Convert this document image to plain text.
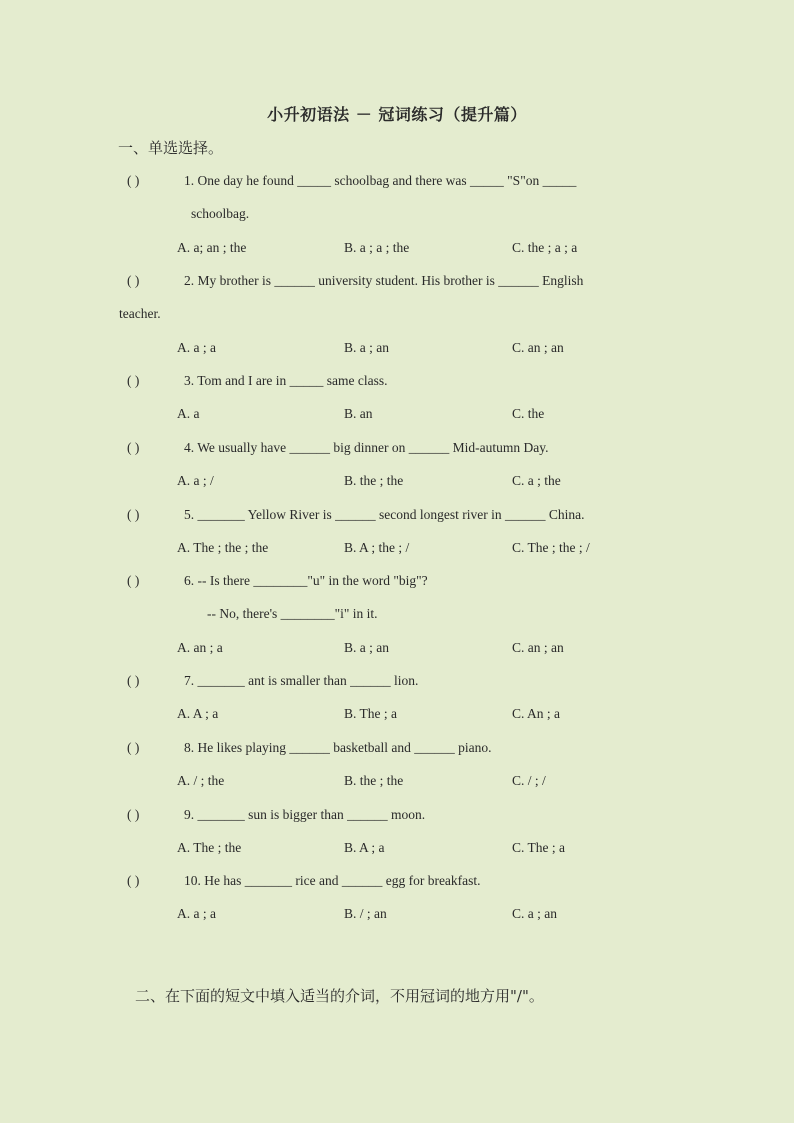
小升初语法 － 冠词练习（提升篇）
一、单选选择。
( )	1. One day he found _____ schoolbag and there was _____ "S"on _____
schoolbag.
A. a; an ; the	B. a ; a ; the	C. the ; a ; a
( )	2. My brother is ______ university student. His brother is ______ English
teacher.
A. a ; a	B. a ; an	C. an ; an
( )	3. Tom and I are in _____ same class.
A. a	B. an	C. the
( )	4. We usually have ______ big dinner on ______ Mid-autumn Day.
A. a ; /	B. the ; the	C. a ; the
( )	5. _______ Yellow River is ______ second longest river in ______ China.
A. The ; the ; the	B. A ; the ; /	C. The ; the ; /
( )	6. -- Is there ________"u" in the word "big"?
-- No, there's ________"i" in it.
A. an ; a	B. a ; an	C. an ; an
( )	7. _______ ant is smaller than ______ lion.
A. A ; a	B. The ; a	C. An ; a
( )	8. He likes playing ______ basketball and ______ piano.
A. / ; the	B. the ; the	C. / ; /
( )	9. _______ sun is bigger than ______ moon.
A. The ; the	B. A ; a	C. The ; a
( )	10. He has _______ rice and ______ egg for breakfast.
A. a ; a	B. / ; an	C. a ; an
二、在下面的短文中填入适当的介词，不用冠词的地方用"/"。
